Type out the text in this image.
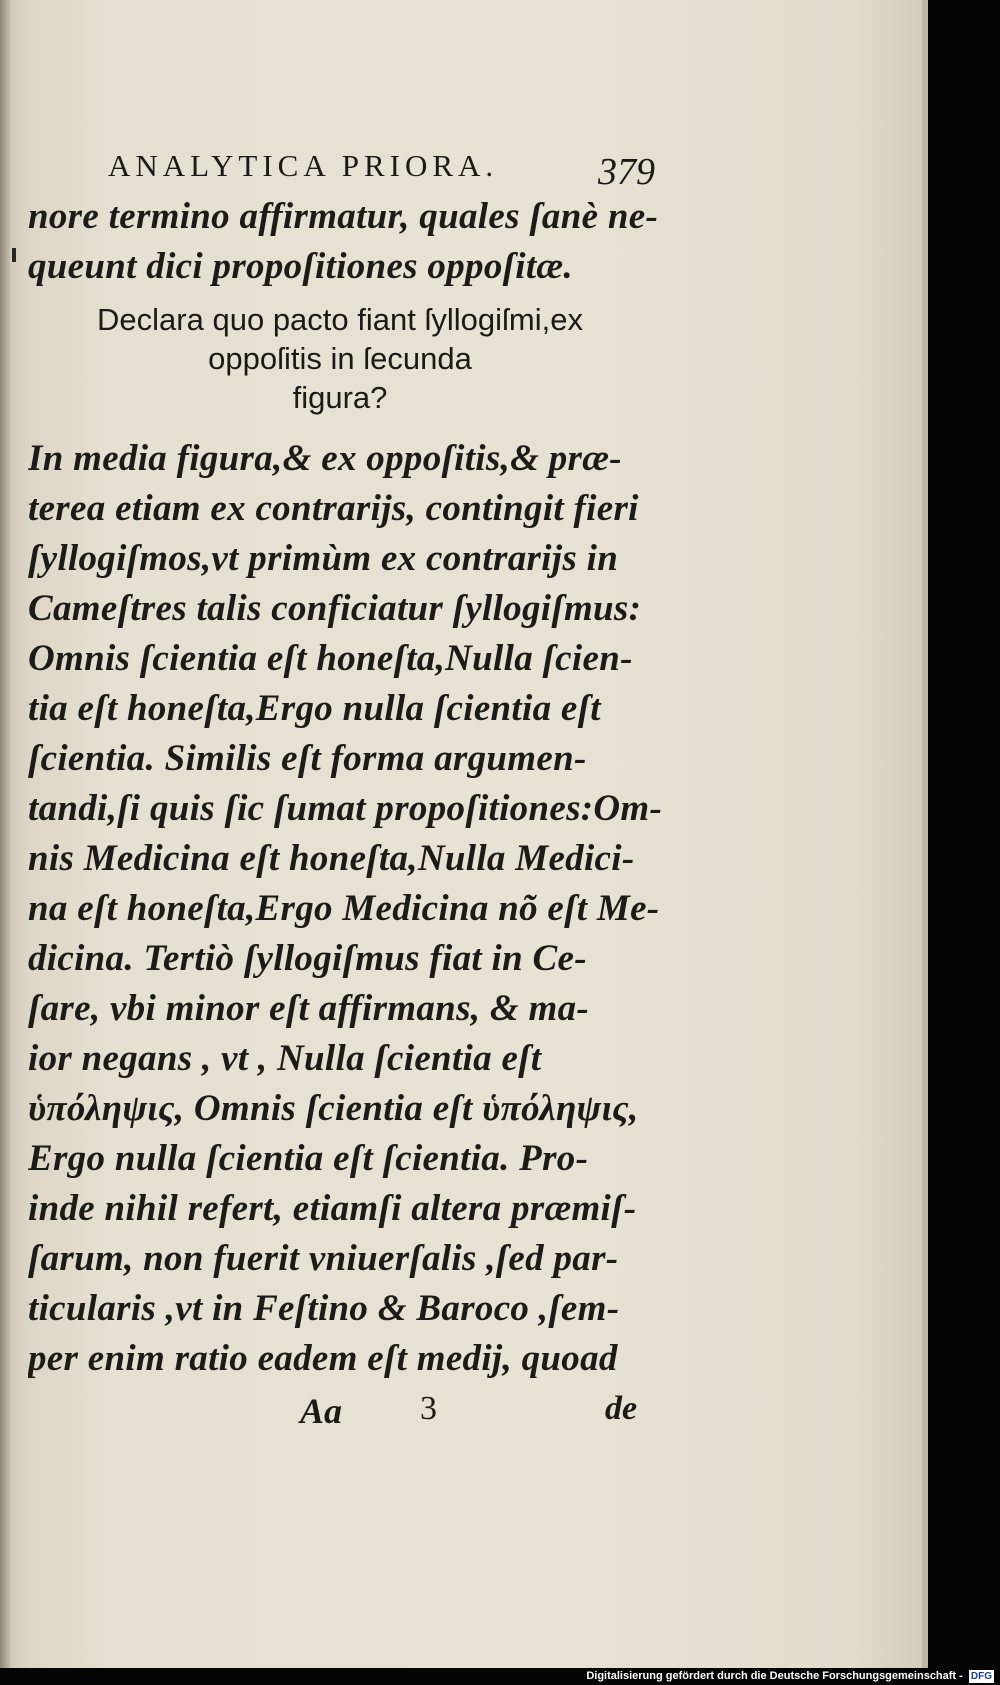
ANALYTICA PRIORA.	379
nore termino affirmatur, quales ſanè ne-
queunt dici propoſitiones oppoſitæ.
Declara quo pacto fiant ſyllogiſmi,ex
oppoſitis in ſecunda
figura?
In media figura,& ex oppoſitis,& præ-
terea etiam ex contrariјs, contingit fieri
ſyllogiſmos,vt primùm ex contrariјs in
Cameſtres talis conficiatur ſyllogiſmus:
Omnis ſcientia eſt honeſta,Nulla ſcien-
tia eſt honeſta,Ergo nulla ſcientia eſt
ſcientia. Similis eſt forma argumen-
tandi,ſi quis ſic ſumat propoſitiones:Om-
nis Medicina eſt honeſta,Nulla Medici-
na eſt honeſta,Ergo Medicina nõ eſt Me-
dicina. Tertiò ſyllogiſmus fiat in Ce-
ſare, vbi minor eſt affirmans, & ma-
ior negans , vt , Nulla ſcientia eſt
ὑπόληψις, Omnis ſcientia eſt ὑπόληψις,
Ergo nulla ſcientia eſt ſcientia. Pro-
inde nihil refert, etiamſi altera præmiſ-
ſarum, non fuerit vniuerſalis ,ſed par-
ticularis ,vt in Feſtino & Baroco ,ſem-
per enim ratio eadem eſt medij, quoad
Aa 3	de
Digitalisierung gefördert durch die Deutsche Forschungsgemeinschaft - DFG
